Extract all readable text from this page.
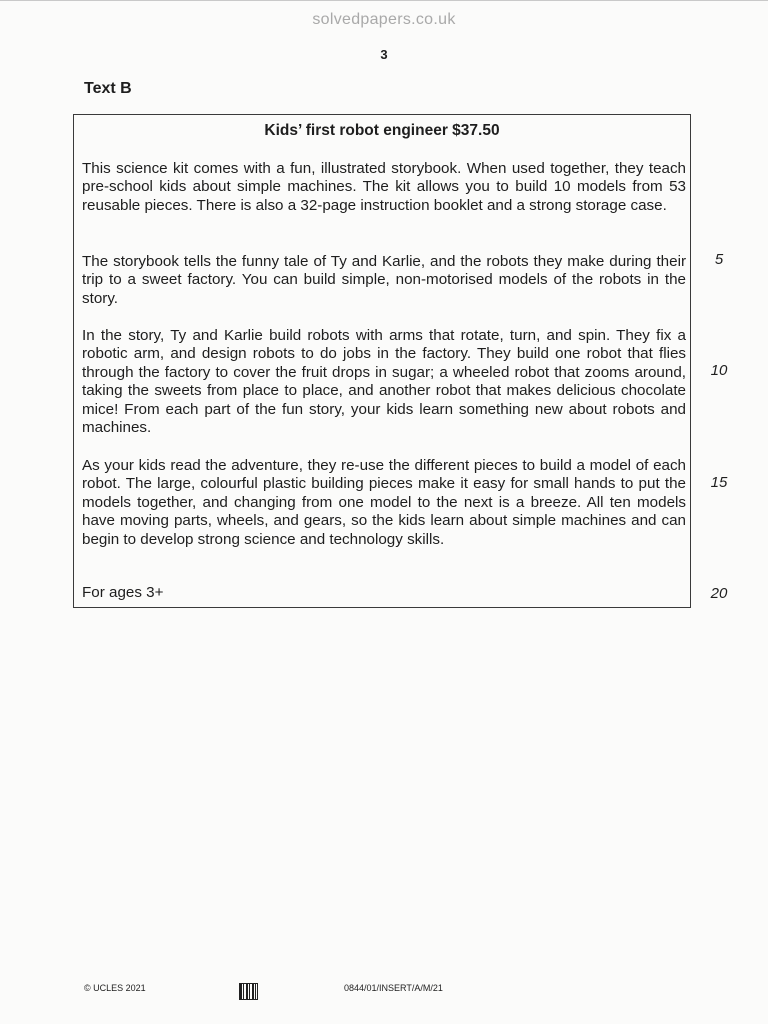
solvedpapers.co.uk
3
Text B
Kids’ first robot engineer $37.50

This science kit comes with a fun, illustrated storybook. When used together, they teach pre-school kids about simple machines. The kit allows you to build 10 models from 53 reusable pieces. There is also a 32-page instruction booklet and a strong storage case.

The storybook tells the funny tale of Ty and Karlie, and the robots they make during their trip to a sweet factory. You can build simple, non-motorised models of the robots in the story.

In the story, Ty and Karlie build robots with arms that rotate, turn, and spin. They fix a robotic arm, and design robots to do jobs in the factory. They build one robot that flies through the factory to cover the fruit drops in sugar; a wheeled robot that zooms around, taking the sweets from place to place, and another robot that makes delicious chocolate mice! From each part of the fun story, your kids learn something new about robots and machines.

As your kids read the adventure, they re-use the different pieces to build a model of each robot. The large, colourful plastic building pieces make it easy for small hands to put the models together, and changing from one model to the next is a breeze. All ten models have moving parts, wheels, and gears, so the kids learn about simple machines and can begin to develop strong science and technology skills.

For ages 3+
5
10
15
20
© UCLES 2021	0844/01/INSERT/A/M/21
